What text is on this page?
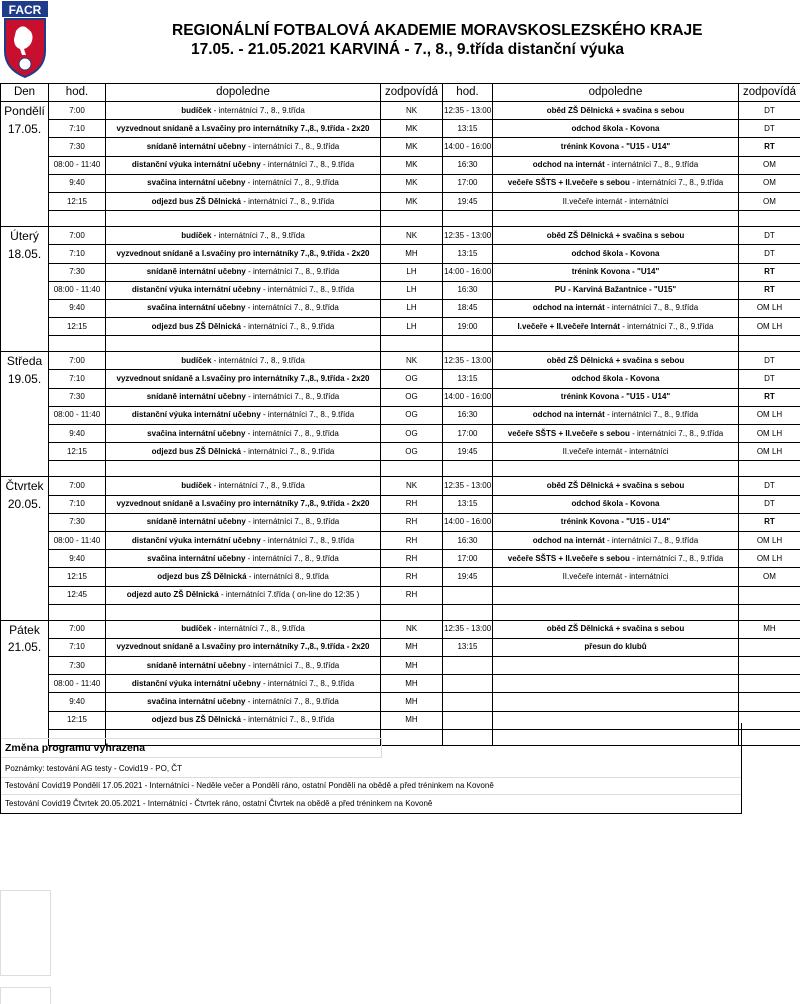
FACR
REGIONÁLNÍ FOTBALOVÁ AKADEMIE MORAVSKOSLEZSKÉHO KRAJE
17.05. - 21.05.2021 KARVINÁ - 7., 8., 9.třída distanční výuka
Den	hod.	dopoledne	zodpovídá	hod.	odpoledne	zodpovídá
Pondělí	7:00	budíček - internátníci 7., 8., 9.třída	NK	12:35 - 13:00	oběd ZŠ Dělnická + svačina s sebou	DT
17.05.	7:10	vyzvednout snídaně a I.svačiny pro internátníky 7.,8., 9.třída - 2x20	MK	13:15	odchod škola - Kovona	DT
	7:30	snídaně internátní učebny - internátníci 7., 8., 9.třída	MK	14:00 - 16:00	trénink Kovona - "U15 - U14"	RT
	08:00 - 11:40	distanční výuka internátní učebny - internátníci 7., 8., 9.třída	MK	16:30	odchod na internát - internátníci 7., 8., 9.třída	OM
	9:40	svačina internátní učebny - internátníci 7., 8., 9.třída	MK	17:00	večeře SŠTS + II.večeře s sebou - internátníci 7., 8., 9.třída	OM
	12:15	odjezd bus ZŠ Dělnická - internátníci 7., 8., 9.třída	MK	19:45	II.večeře internát - internátníci	OM

Úterý	7:00	budíček - internátníci 7., 8., 9.třída	NK	12:35 - 13:00	oběd ZŠ Dělnická + svačina s sebou	DT
18.05.	7:10	vyzvednout snídaně a I.svačiny pro internátníky 7.,8., 9.třída - 2x20	MH	13:15	odchod škola - Kovona	DT
	7:30	snídaně internátní učebny - internátníci 7., 8., 9.třída	LH	14:00 - 16:00	trénink Kovona - "U14"	RT
	08:00 - 11:40	distanční výuka internátní učebny - internátníci 7., 8., 9.třída	LH	16:30	PU - Karviná Bažantnice - "U15"	RT
	9:40	svačina internátní učebny - internátníci 7., 8., 9.třída	LH	18:45	odchod na internát - internátníci 7., 8., 9.třída	OM LH
	12:15	odjezd bus ZŠ Dělnická - internátníci 7., 8., 9.třída	LH	19:00	I.večeře + II.večeře Internát - internátníci 7., 8., 9.třída	OM LH

Středa	7:00	budíček - internátníci 7., 8., 9.třída	NK	12:35 - 13:00	oběd ZŠ Dělnická + svačina s sebou	DT
19.05.	7:10	vyzvednout snídaně a I.svačiny pro internátníky 7.,8., 9.třída - 2x20	OG	13:15	odchod škola - Kovona	DT
	7:30	snídaně internátní učebny - internátníci 7., 8., 9.třída	OG	14:00 - 16:00	trénink Kovona - "U15 - U14"	RT
	08:00 - 11:40	distanční výuka internátní učebny - internátníci 7., 8., 9.třída	OG	16:30	odchod na internát - internátníci 7., 8., 9.třída	OM LH
	9:40	svačina internátní učebny - internátníci 7., 8., 9.třída	OG	17:00	večeře SŠTS + II.večeře s sebou - internátníci 7., 8., 9.třída	OM LH
	12:15	odjezd bus ZŠ Dělnická - internátníci 7., 8., 9.třída	OG	19:45	II.večeře internát - internátníci	OM LH

Čtvrtek	7:00	budíček - internátníci 7., 8., 9.třída	NK	12:35 - 13:00	oběd ZŠ Dělnická + svačina s sebou	DT
20.05.	7:10	vyzvednout snídaně a I.svačiny pro internátníky 7.,8., 9.třída - 2x20	RH	13:15	odchod škola - Kovona	DT
	7:30	snídaně internátní učebny - internátníci 7., 8., 9.třída	RH	14:00 - 16:00	trénink Kovona - "U15 - U14"	RT
	08:00 - 11:40	distanční výuka internátní učebny - internátníci 7., 8., 9.třída	RH	16:30	odchod na internát - internátníci 7., 8., 9.třída	OM LH
	9:40	svačina internátní učebny - internátníci 7., 8., 9.třída	RH	17:00	večeře SŠTS + II.večeře s sebou - internátníci 7., 8., 9.třída	OM LH
	12:15	odjezd bus ZŠ Dělnická - internátníci 8., 9.třída	RH	19:45	II.večeře internát - internátníci	OM
	12:45	odjezd auto ZŠ Dělnická - internátníci 7.třída ( on-line do 12:35 )	RH			

Pátek	7:00	budíček - internátníci 7., 8., 9.třída	NK	12:35 - 13:00	oběd ZŠ Dělnická + svačina s sebou	MH
21.05.	7:10	vyzvednout snídaně a I.svačiny pro internátníky 7.,8., 9.třída - 2x20	MH	13:15	přesun do klubů	
	7:30	snídaně internátní učebny - internátníci 7., 8., 9.třída	MH			
	08:00 - 11:40	distanční výuka internátní učebny - internátníci 7., 8., 9.třída	MH			
	9:40	svačina internátní učebny - internátníci 7., 8., 9.třída	MH			
	12:15	odjezd bus ZŠ Dělnická - internátníci 7., 8., 9.třída	MH			

Změna programu vyhrazena
Poznámky: testování AG testy - Covid19 - PO, ČT
Testování Covid19 Pondělí 17.05.2021 - Internátníci - Neděle večer a Pondělí ráno, ostatní Pondělí na obědě a před tréninkem na Kovoně
Testování Covid19 Čtvrtek 20.05.2021 - Internátníci - Čtvrtek ráno, ostatní Čtvrtek na obědě a před tréninkem na Kovoně
